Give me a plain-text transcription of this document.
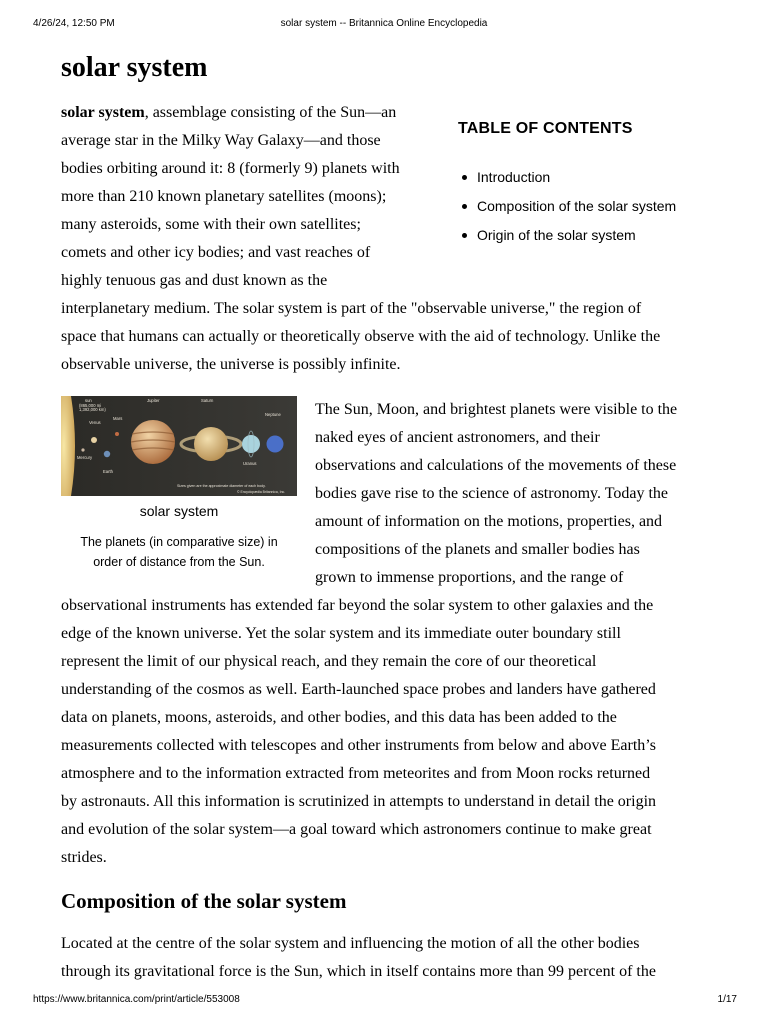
4/26/24, 12:50 PM	solar system -- Britannica Online Encyclopedia
solar system
TABLE OF CONTENTS
Introduction
Composition of the solar system
Origin of the solar system
solar system, assemblage consisting of the Sun—an
average star in the Milky Way Galaxy—and those
bodies orbiting around it: 8 (formerly 9) planets with
more than 210 known planetary satellites (moons);
many asteroids, some with their own satellites;
comets and other icy bodies; and vast reaches of
highly tenuous gas and dust known as the
interplanetary medium. The solar system is part of the "observable universe," the region of
space that humans can actually or theoretically observe with the aid of technology. Unlike the
observable universe, the universe is possibly infinite.
sun
(865,000 mi
1,392,000 km)
Mars
Venus
Mercury
Earth
Jupiter	Saturn
Uranus
Neptune
Sizes given are the approximate diameter of each body.
© Encyclopædia Britannica, Inc.
solar system
The planets (in comparative size) in
order of distance from the Sun.
The Sun, Moon, and brightest planets were visible to the
naked eyes of ancient astronomers, and their
observations and calculations of the movements of these
bodies gave rise to the science of astronomy. Today the
amount of information on the motions, properties, and
compositions of the planets and smaller bodies has
grown to immense proportions, and the range of
observational instruments has extended far beyond the solar system to other galaxies and the
edge of the known universe. Yet the solar system and its immediate outer boundary still
represent the limit of our physical reach, and they remain the core of our theoretical
understanding of the cosmos as well. Earth-launched space probes and landers have gathered
data on planets, moons, asteroids, and other bodies, and this data has been added to the
measurements collected with telescopes and other instruments from below and above Earth’s
atmosphere and to the information extracted from meteorites and from Moon rocks returned
by astronauts. All this information is scrutinized in attempts to understand in detail the origin
and evolution of the solar system—a goal toward which astronomers continue to make great
strides.
Composition of the solar system
Located at the centre of the solar system and influencing the motion of all the other bodies
through its gravitational force is the Sun, which in itself contains more than 99 percent of the
https://www.britannica.com/print/article/553008	1/17
